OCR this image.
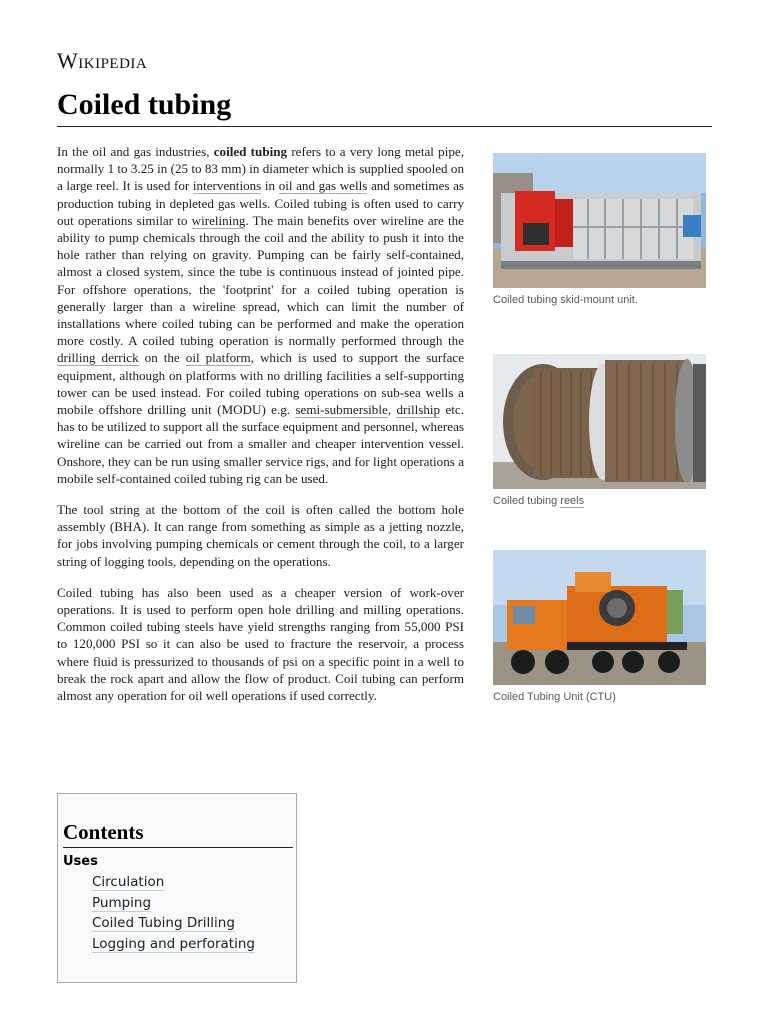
Wikipedia
Coiled tubing
Coiled tubing skid-mount unit.
Coiled tubing reels
Coiled Tubing Unit (CTU)

In the oil and gas industries, coiled tubing refers to a very long metal pipe, normally 1 to 3.25 in (25 to 83 mm) in diameter which is supplied spooled on a large reel. It is used for interventions in oil and gas wells and sometimes as production tubing in depleted gas wells. Coiled tubing is often used to carry out operations similar to wirelining. The main benefits over wireline are the ability to pump chemicals through the coil and the ability to push it into the hole rather than relying on gravity. Pumping can be fairly self-contained, almost a closed system, since the tube is continuous instead of jointed pipe. For offshore operations, the 'footprint' for a coiled tubing operation is generally larger than a wireline spread, which can limit the number of installations where coiled tubing can be performed and make the operation more costly. A coiled tubing operation is normally performed through the drilling derrick on the oil platform, which is used to support the surface equipment, although on platforms with no drilling facilities a self-supporting tower can be used instead. For coiled tubing operations on sub-sea wells a mobile offshore drilling unit (MODU) e.g. semi-submersible, drillship etc. has to be utilized to support all the surface equipment and personnel, whereas wireline can be carried out from a smaller and cheaper intervention vessel. Onshore, they can be run using smaller service rigs, and for light operations a mobile self-contained coiled tubing rig can be used.

The tool string at the bottom of the coil is often called the bottom hole assembly (BHA). It can range from something as simple as a jetting nozzle, for jobs involving pumping chemicals or cement through the coil, to a larger string of logging tools, depending on the operations.

Coiled tubing has also been used as a cheaper version of work-over operations. It is used to perform open hole drilling and milling operations. Common coiled tubing steels have yield strengths ranging from 55,000 PSI to 120,000 PSI so it can also be used to fracture the reservoir, a process where fluid is pressurized to thousands of psi on a specific point in a well to break the rock apart and allow the flow of product. Coil tubing can perform almost any operation for oil well operations if used correctly.

Contents
Uses
Circulation
Pumping
Coiled Tubing Drilling
Logging and perforating
